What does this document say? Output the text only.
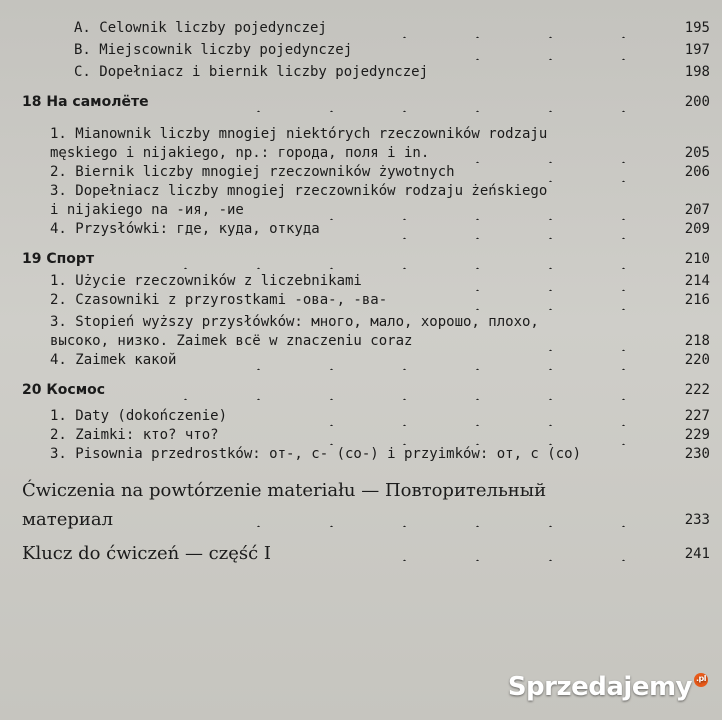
A. Celownik liczby pojedynczej	195
B. Miejscownik liczby pojedynczej	197
C. Dopełniacz i biernik liczby pojedynczej	198
18 На самолёте	200
1. Mianownik liczby mnogiej niektórych rzeczowników rodzaju
męskiego i nijakiego, np.: города, поля i in.	205
2. Biernik liczby mnogiej rzeczowników żywotnych	206
3. Dopełniacz liczby mnogiej rzeczowników rodzaju żeńskiego
i nijakiego na -ия, -ие	207
4. Przysłówki: где, куда, откуда	209
19 Спорт	210
1. Użycie rzeczowników z liczebnikami	214
2. Czasowniki z przyrostkami -ова-, -ва-	216
3. Stopień wyższy przysłówków: много, мало, хорошо, плохо,
высоко, низко. Zaimek всё w znaczeniu coraz	218
4. Zaimek какой	220
20 Космос	222
1. Daty (dokończenie)	227
2. Zaimki: кто? что?	229
3. Pisownia przedrostków: от-, с- (со-) i przyimków: от, с (со)	230
Ćwiczenia na powtórzenie materiału — Повторительный
материал	233
Klucz do ćwiczeń — część I	241
Sprzedajemy .pl
